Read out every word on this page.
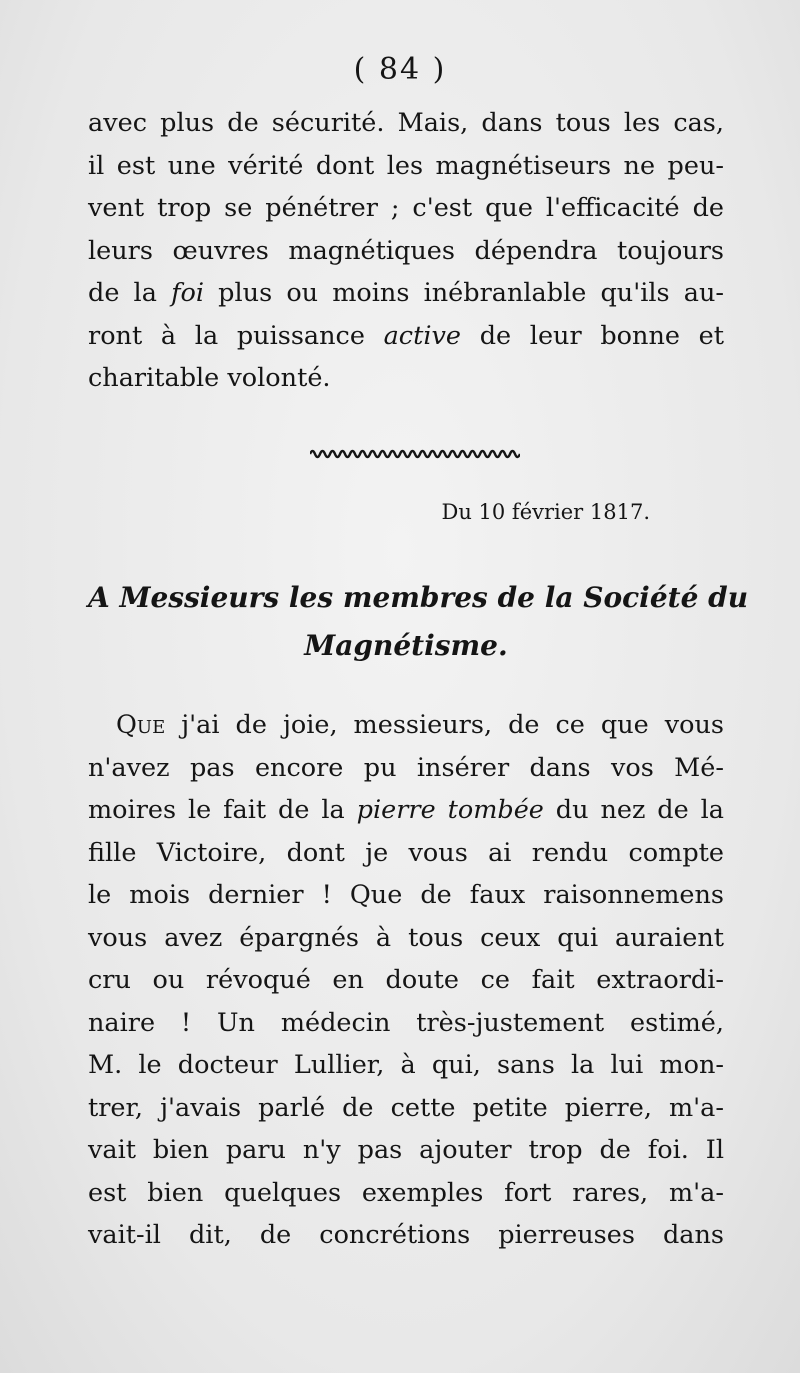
( 84 )
avec plus de sécurité. Mais, dans tous les cas,
il est une vérité dont les magnétiseurs ne peu-
vent trop se pénétrer ; c'est que l'efficacité de
leurs œuvres magnétiques dépendra toujours
de la foi plus ou moins inébranlable qu'ils au-
ront à la puissance active de leur bonne et
charitable volonté.
Du 10 février 1817.
A Messieurs les membres de la Société du
Magnétisme.
Que j'ai de joie, messieurs, de ce que vous
n'avez pas encore pu insérer dans vos Mé-
moires le fait de la pierre tombée du nez de la
fille Victoire, dont je vous ai rendu compte
le mois dernier ! Que de faux raisonnemens
vous avez épargnés à tous ceux qui auraient
cru ou révoqué en doute ce fait extraordi-
naire ! Un médecin très-justement estimé,
M. le docteur Lullier, à qui, sans la lui mon-
trer, j'avais parlé de cette petite pierre, m'a-
vait bien paru n'y pas ajouter trop de foi. Il
est bien quelques exemples fort rares, m'a-
vait-il dit, de concrétions pierreuses dans
